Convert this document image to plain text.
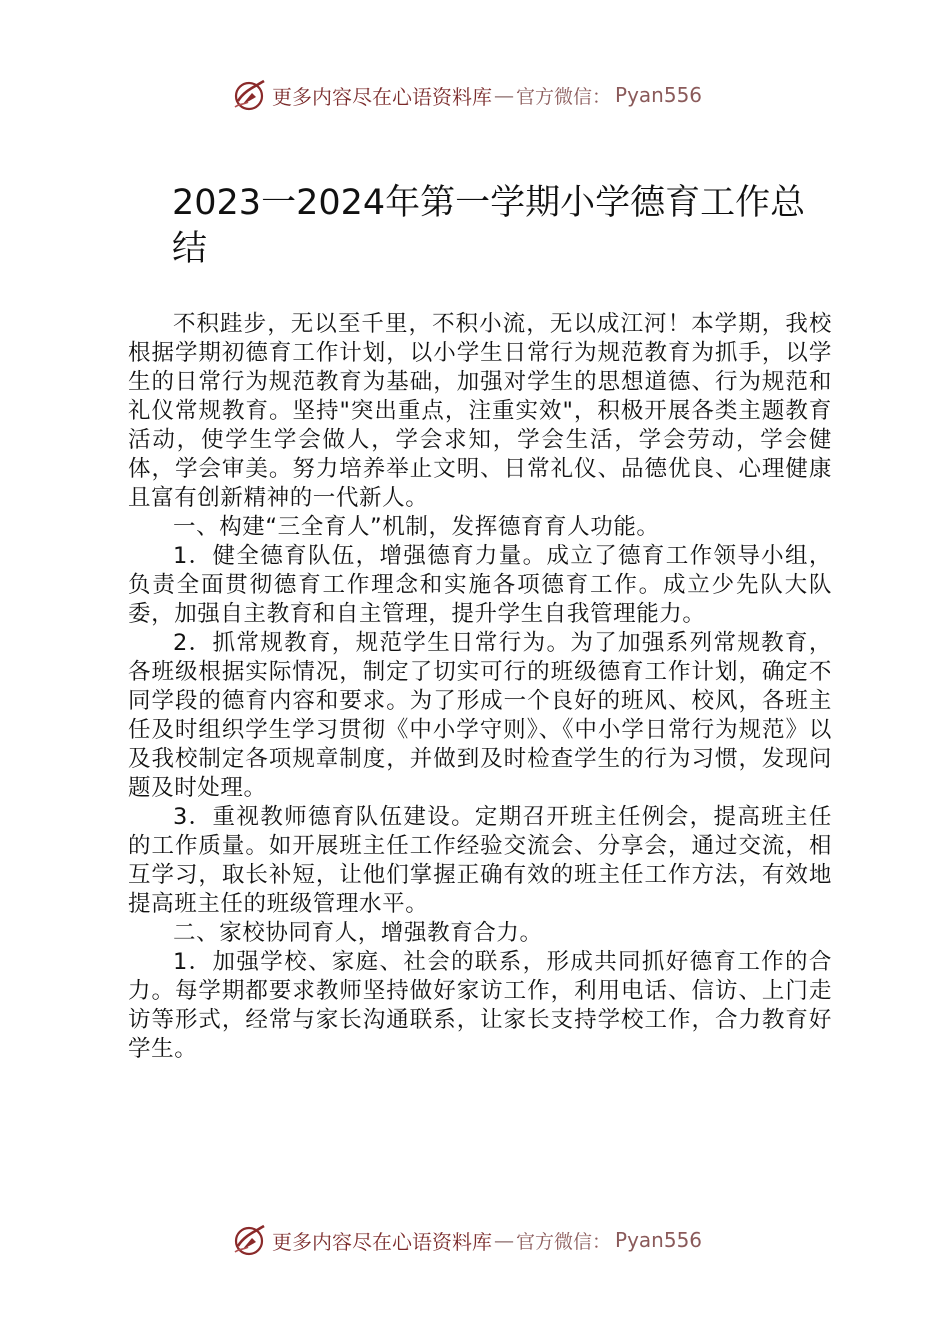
更多内容尽在心语资料库 — 官方微信： Pyan556
2023一2024年第一学期小学德育工作总结

不积跬步，无以至千里，不积小流，无以成江河！本学期，我校根据学期初德育工作计划，以小学生日常行为规范教育为抓手，以学生的日常行为规范教育为基础，加强对学生的思想道德、行为规范和礼仪常规教育。坚持"突出重点，注重实效"，积极开展各类主题教育活动，使学生学会做人，学会求知，学会生活，学会劳动，学会健体，学会审美。努力培养举止文明、日常礼仪、品德优良、心理健康且富有创新精神的一代新人。

一、构建“三全育人”机制，发挥德育育人功能。

1．健全德育队伍，增强德育力量。成立了德育工作领导小组，负责全面贯彻德育工作理念和实施各项德育工作。成立少先队大队委，加强自主教育和自主管理，提升学生自我管理能力。

2．抓常规教育，规范学生日常行为。为了加强系列常规教育，各班级根据实际情况，制定了切实可行的班级德育工作计划，确定不同学段的德育内容和要求。为了形成一个良好的班风、校风，各班主任及时组织学生学习贯彻《中小学守则》、《中小学日常行为规范》以及我校制定各项规章制度，并做到及时检查学生的行为习惯，发现问题及时处理。

3．重视教师德育队伍建设。定期召开班主任例会，提高班主任的工作质量。如开展班主任工作经验交流会、分享会，通过交流，相互学习，取长补短，让他们掌握正确有效的班主任工作方法，有效地提高班主任的班级管理水平。

二、家校协同育人，增强教育合力。

1．加强学校、家庭、社会的联系，形成共同抓好德育工作的合力。每学期都要求教师坚持做好家访工作，利用电话、信访、上门走访等形式，经常与家长沟通联系，让家长支持学校工作，合力教育好学生。

更多内容尽在心语资料库 — 官方微信： Pyan556
